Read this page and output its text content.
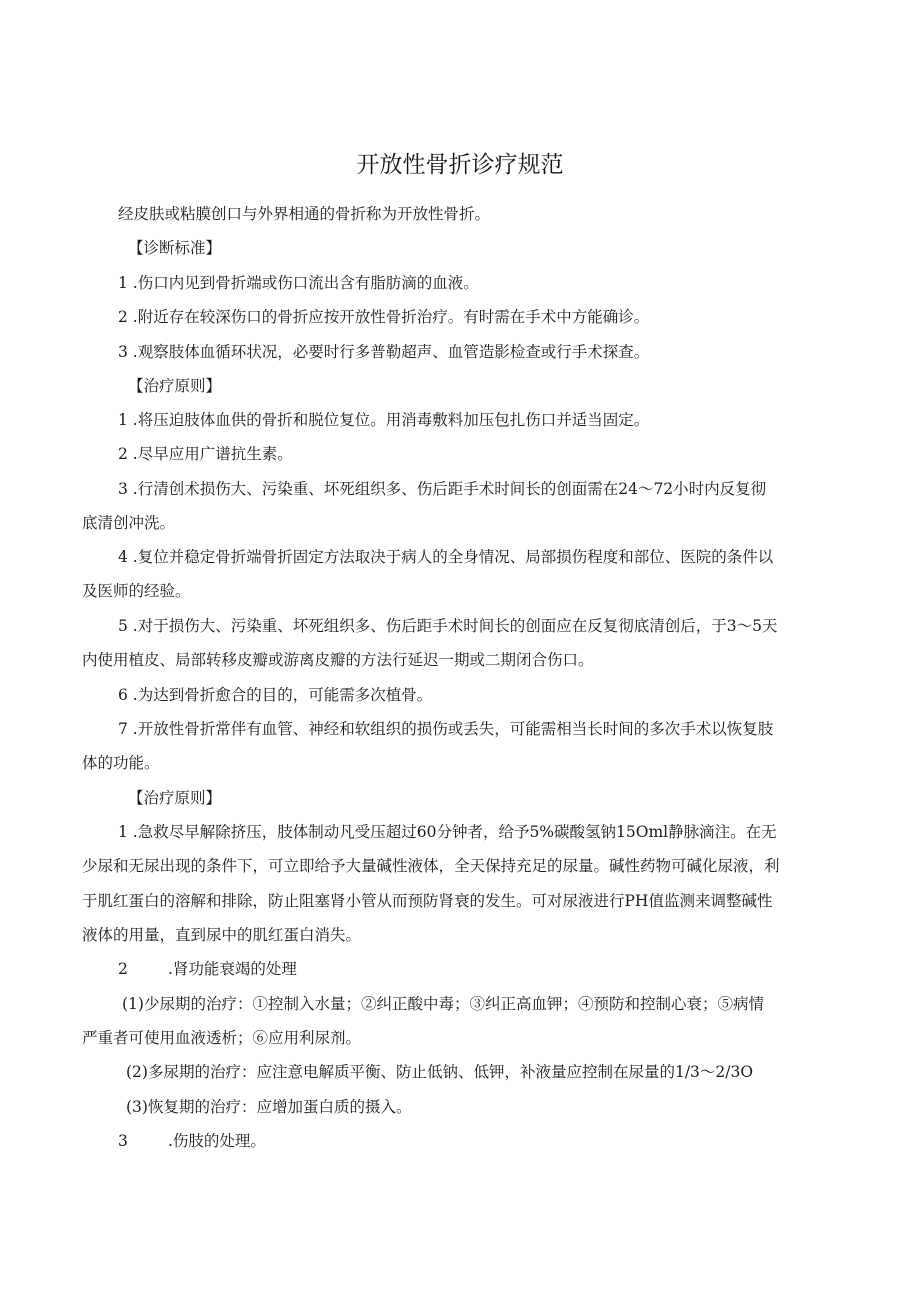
开放性骨折诊疗规范
经皮肤或粘膜创口与外界相通的骨折称为开放性骨折。
【诊断标准】
1 .伤口内见到骨折端或伤口流出含有脂肪滴的血液。
2 .附近存在较深伤口的骨折应按开放性骨折治疗。有时需在手术中方能确诊。
3 .观察肢体血循环状况，必要时行多普勒超声、血管造影检查或行手术探查。
【治疗原则】
1 .将压迫肢体血供的骨折和脱位复位。用消毒敷料加压包扎伤口并适当固定。
2 .尽早应用广谱抗生素。
3 .行清创术损伤大、污染重、坏死组织多、伤后距手术时间长的创面需在24～72小时内反复彻
底清创冲洗。
4 .复位并稳定骨折端骨折固定方法取决于病人的全身情况、局部损伤程度和部位、医院的条件以
及医师的经验。
5 .对于损伤大、污染重、坏死组织多、伤后距手术时间长的创面应在反复彻底清创后，于3～5天
内使用植皮、局部转移皮瓣或游离皮瓣的方法行延迟一期或二期闭合伤口。
6 .为达到骨折愈合的目的，可能需多次植骨。
7 .开放性骨折常伴有血管、神经和软组织的损伤或丢失，可能需相当长时间的多次手术以恢复肢
体的功能。
【治疗原则】
1 .急救尽早解除挤压，肢体制动凡受压超过60分钟者，给予5%碳酸氢钠15Oml静脉滴注。在无
少尿和无尿出现的条件下，可立即给予大量碱性液体，全天保持充足的尿量。碱性药物可碱化尿液，利
于肌红蛋白的溶解和排除，防止阻塞肾小管从而预防肾衰的发生。可对尿液进行PH值监测来调整碱性
液体的用量，直到尿中的肌红蛋白消失。
2	.肾功能衰竭的处理
(1)少尿期的治疗：①控制入水量；②纠正酸中毒；③纠正高血钾；④预防和控制心衰；⑤病情
严重者可使用血液透析；⑥应用利尿剂。
(2)多尿期的治疗：应注意电解质平衡、防止低钠、低钾，补液量应控制在尿量的1/3～2/3O
(3)恢复期的治疗：应增加蛋白质的摄入。
3	.伤肢的处理。
